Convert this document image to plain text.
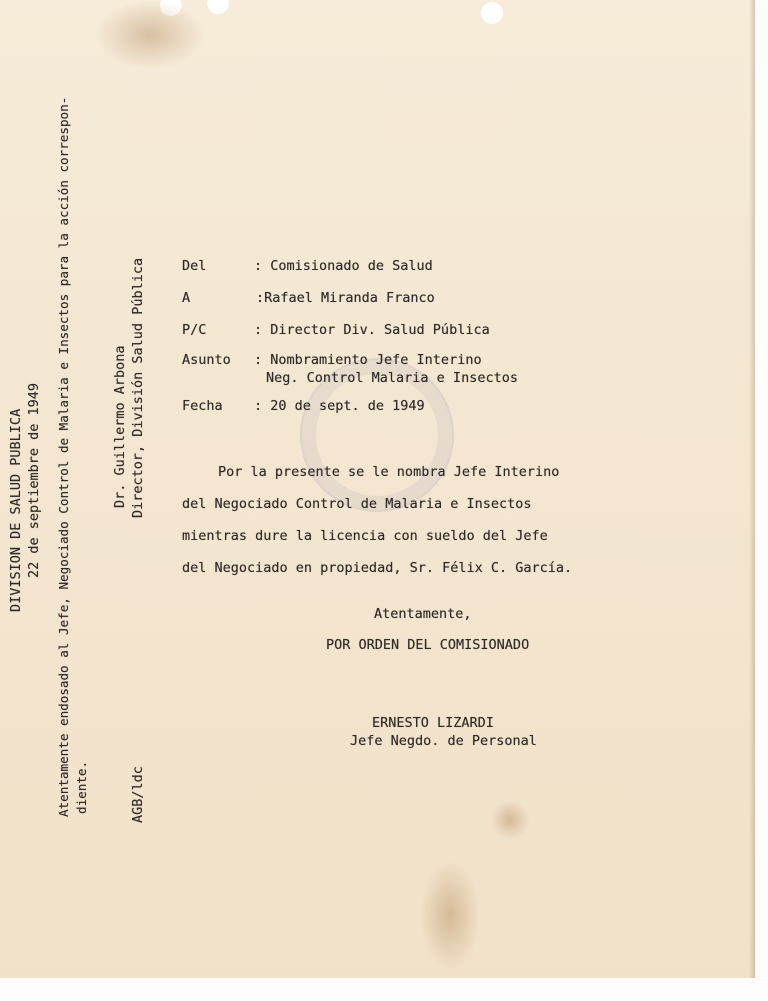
DIVISION DE SALUD PUBLICA 22 de septiembre de 1949 Atentamente endosado al Jefe, Negociado Control de Malaria e Insectos para la acción correspon- diente.
Dr. Guillermo Arbona Director, División Salud Pública
AGB/ldc
Del	: Comisionado de Salud
A	:Rafael Miranda Franco
P/C	: Director Div. Salud Pública
Asunto : Nombramiento Jefe Interino
Neg. Control Malaria e Insectos
Fecha : 20 de sept. de 1949
Por la presente se le nombra Jefe Interino
del Negociado Control de Malaria e Insectos
mientras dure la licencia con sueldo del Jefe
del Negociado en propiedad, Sr. Félix C. García.
Atentamente,
POR ORDEN DEL COMISIONADO
ERNESTO LIZARDI
Jefe Negdo. de Personal
